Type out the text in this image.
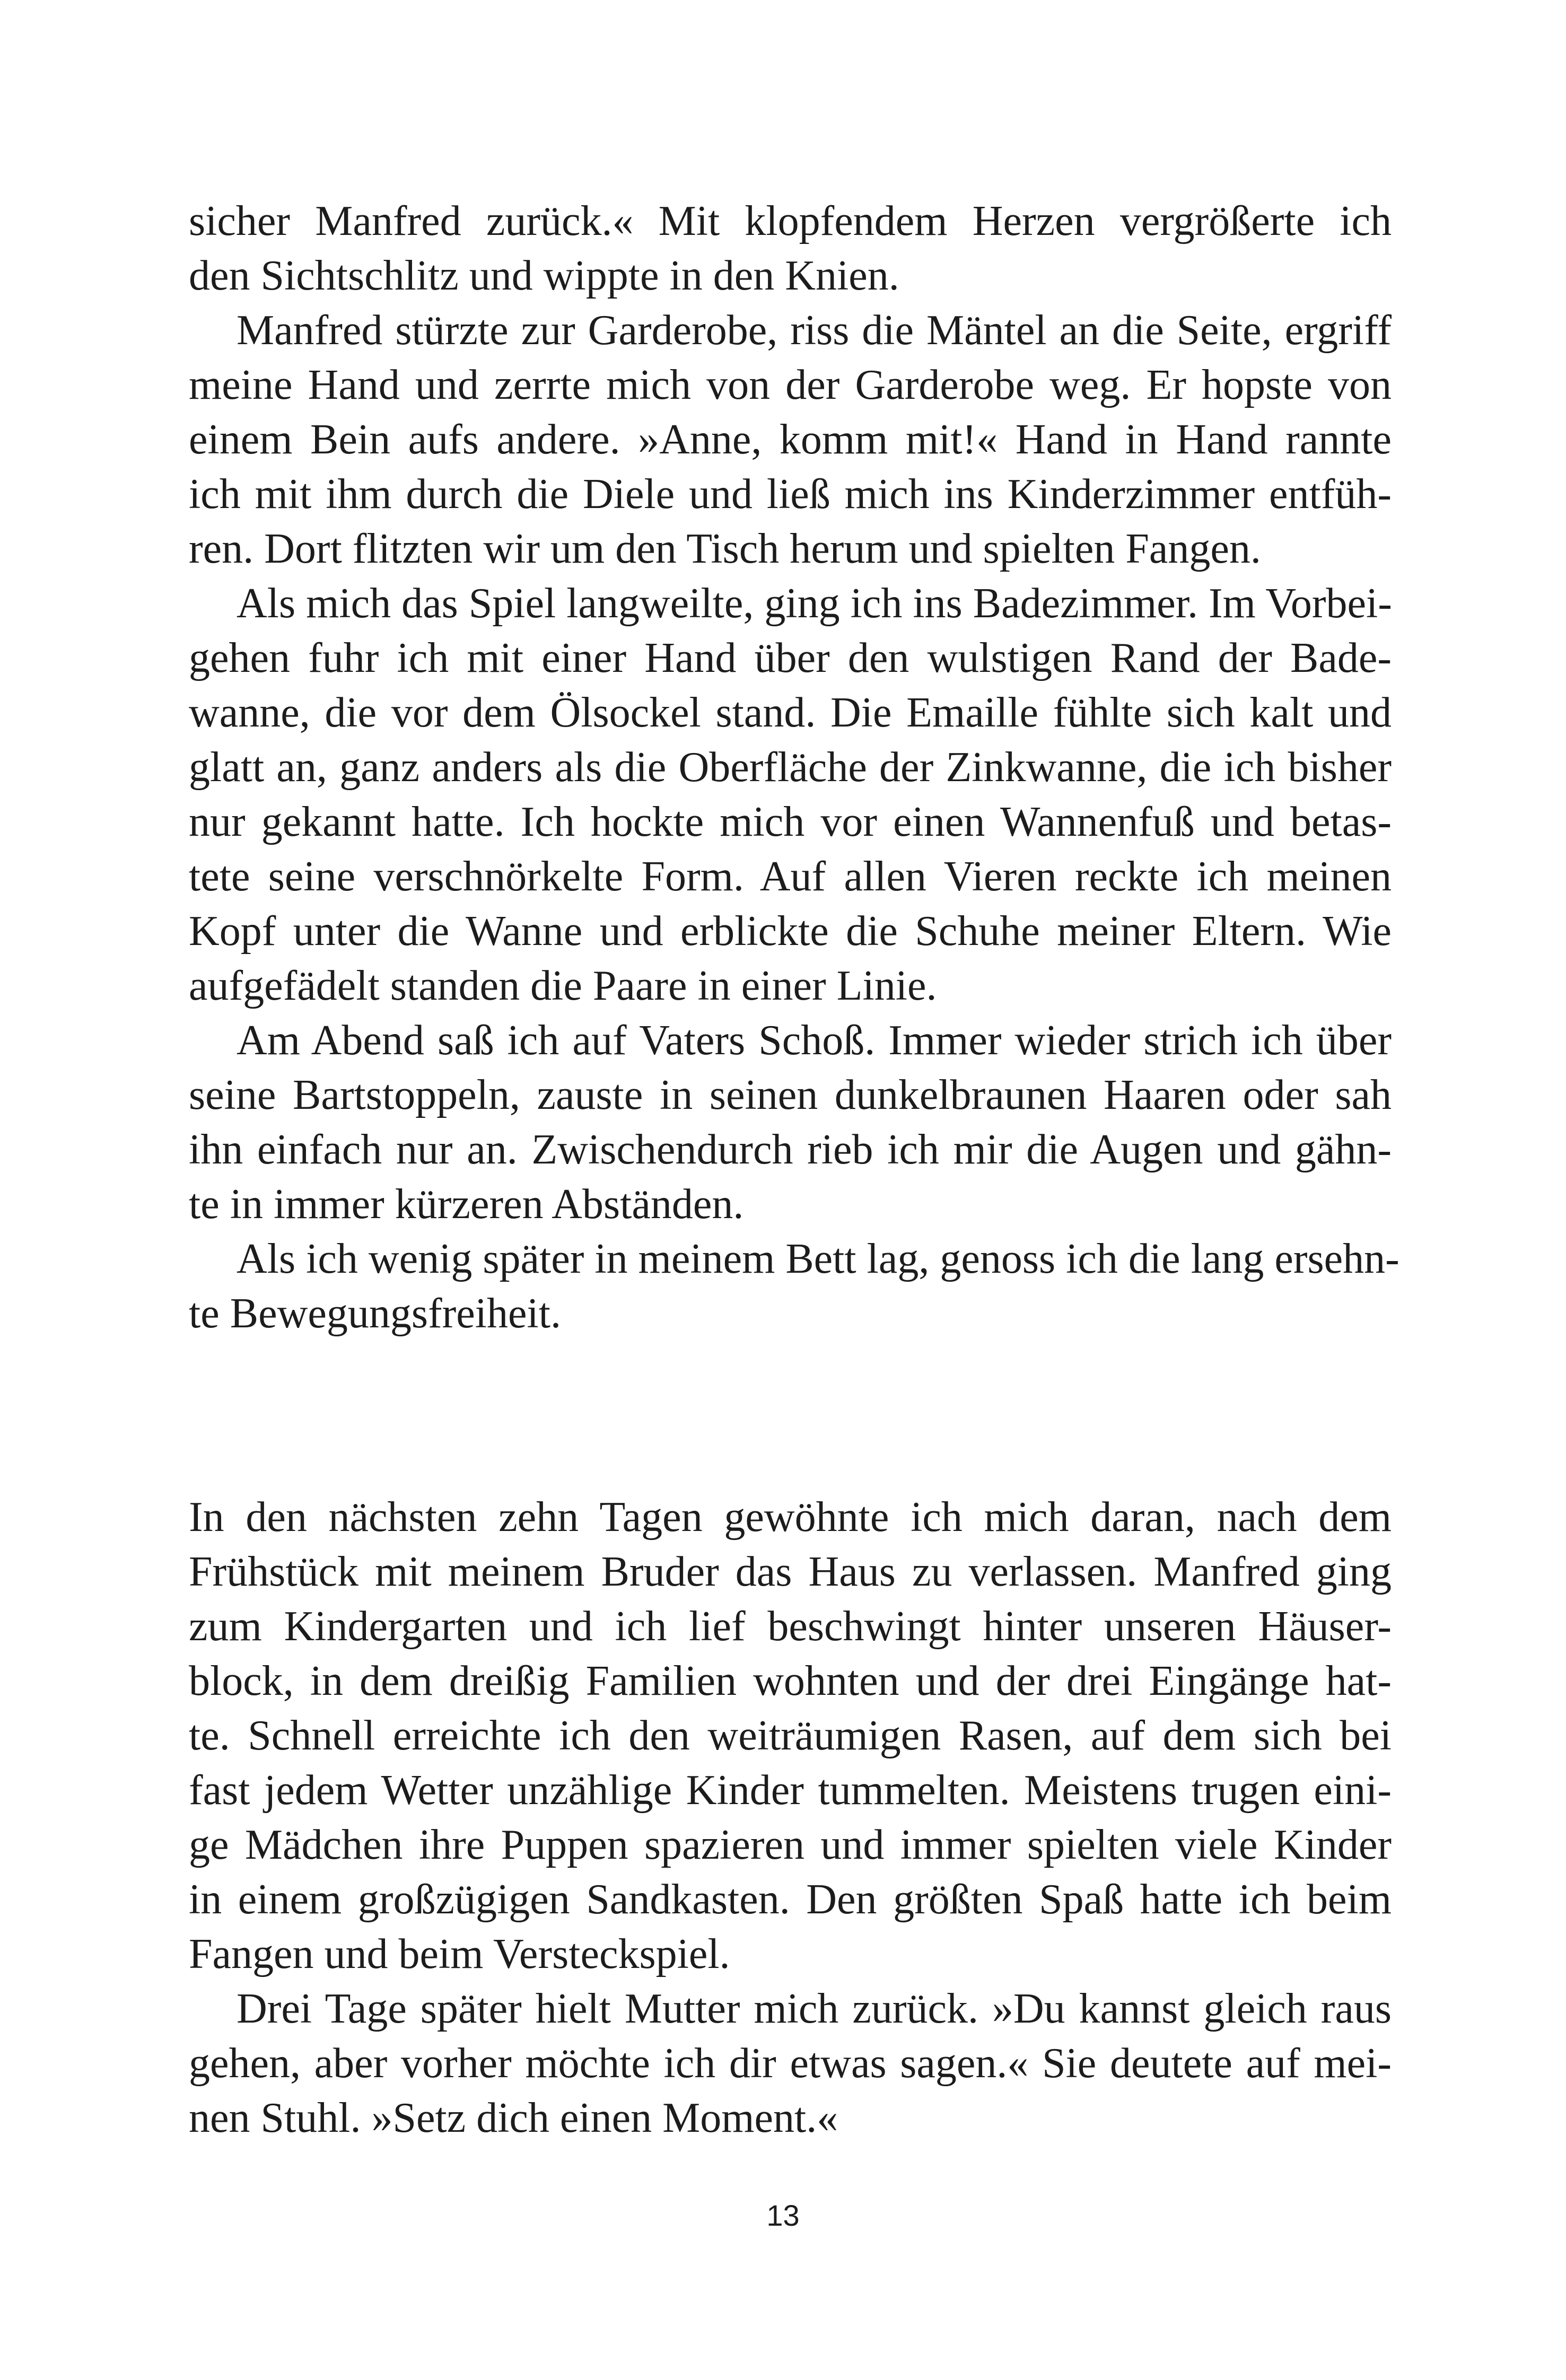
sicher Manfred zurück.« Mit klopfendem Herzen vergrößerte ich
den Sichtschlitz und wippte in den Knien.
Manfred stürzte zur Garderobe, riss die Mäntel an die Seite, ergriff
meine Hand und zerrte mich von der Garderobe weg. Er hopste von
einem Bein aufs andere. »Anne, komm mit!« Hand in Hand rannte
ich mit ihm durch die Diele und ließ mich ins Kinderzimmer entfüh-
ren. Dort flitzten wir um den Tisch herum und spielten Fangen.
Als mich das Spiel langweilte, ging ich ins Badezimmer. Im Vorbei-
gehen fuhr ich mit einer Hand über den wulstigen Rand der Bade-
wanne, die vor dem Ölsockel stand. Die Emaille fühlte sich kalt und
glatt an, ganz anders als die Oberfläche der Zinkwanne, die ich bisher
nur gekannt hatte. Ich hockte mich vor einen Wannenfuß und betas-
tete seine verschnörkelte Form. Auf allen Vieren reckte ich meinen
Kopf unter die Wanne und erblickte die Schuhe meiner Eltern. Wie
aufgefädelt standen die Paare in einer Linie.
Am Abend saß ich auf Vaters Schoß. Immer wieder strich ich über
seine Bartstoppeln, zauste in seinen dunkelbraunen Haaren oder sah
ihn einfach nur an. Zwischendurch rieb ich mir die Augen und gähn-
te in immer kürzeren Abständen.
Als ich wenig später in meinem Bett lag, genoss ich die lang ersehn-
te Bewegungsfreiheit.
In den nächsten zehn Tagen gewöhnte ich mich daran, nach dem
Frühstück mit meinem Bruder das Haus zu verlassen. Manfred ging
zum Kindergarten und ich lief beschwingt hinter unseren Häuser-
block, in dem dreißig Familien wohnten und der drei Eingänge hat-
te. Schnell erreichte ich den weiträumigen Rasen, auf dem sich bei
fast jedem Wetter unzählige Kinder tummelten. Meistens trugen eini-
ge Mädchen ihre Puppen spazieren und immer spielten viele Kinder
in einem großzügigen Sandkasten. Den größten Spaß hatte ich beim
Fangen und beim Versteckspiel.
Drei Tage später hielt Mutter mich zurück. »Du kannst gleich raus
gehen, aber vorher möchte ich dir etwas sagen.« Sie deutete auf mei-
nen Stuhl. »Setz dich einen Moment.«
13
